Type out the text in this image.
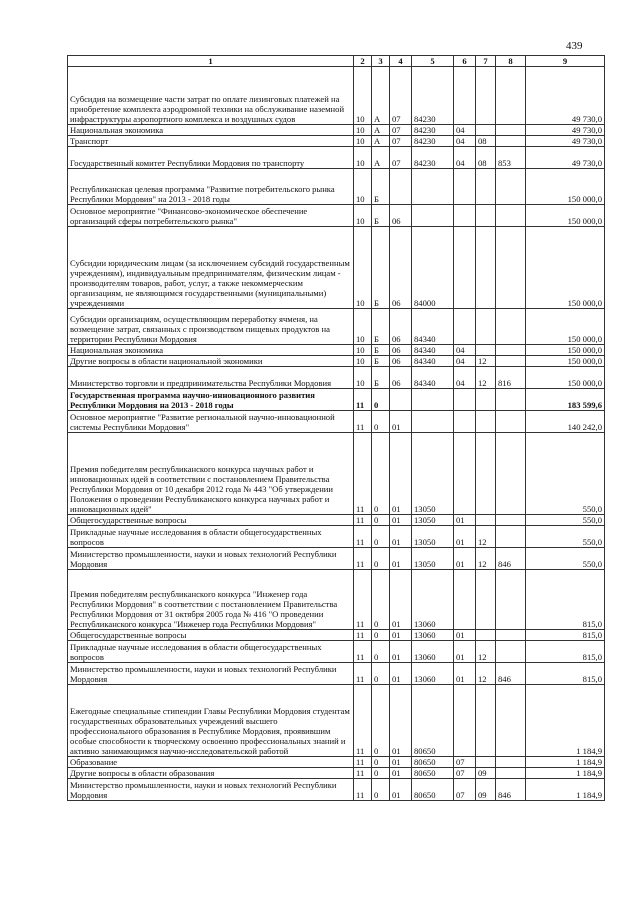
439
1	2	3	4	5	6	7	8	9
Субсидия на возмещение части затрат по оплате лизинговых платежей на приобретение комплекта аэродромной техники на обслуживание наземной инфраструктуры аэропортного комплекса и воздушных судов	10	А	07	84230				49 730,0
Национальная экономика	10	А	07	84230	04			49 730,0
Транспорт	10	А	07	84230	04	08		49 730,0
Государственный комитет Республики Мордовия по транспорту	10	А	07	84230	04	08	853	49 730,0
Республиканская целевая программа "Развитие потребительского рынка Республики Мордовия" на 2013 - 2018 годы	10	Б						150 000,0
Основное мероприятие "Финансово-экономическое обеспечение организаций сферы потребительского рынка"	10	Б	06					150 000,0
Субсидии юридическим лицам (за исключением субсидий государственным учреждениям), индивидуальным предпринимателям, физическим лицам - производителям товаров, работ, услуг, а также некоммерческим организациям, не являющимся государственными (муниципальными) учреждениями	10	Б	06	84000				150 000,0
Субсидии организациям, осуществляющим переработку ячменя, на возмещение затрат, связанных с производством пищевых продуктов на территории Республики Мордовия	10	Б	06	84340				150 000,0
Национальная экономика	10	Б	06	84340	04			150 000,0
Другие вопросы в области национальной экономики	10	Б	06	84340	04	12		150 000,0
Министерство торговли и предпринимательства Республики Мордовия	10	Б	06	84340	04	12	816	150 000,0
Государственная программа научно-инновационного развития Республики Мордовия на 2013 - 2018 годы	11	0						183 599,6
Основное мероприятие "Развитие региональной научно-инновационной системы Республики Мордовия"	11	0	01					140 242,0
Премия победителям республиканского конкурса научных работ и инновационных идей в соответствии с постановлением Правительства Республики Мордовия от 10 декабря 2012 года № 443 "Об утверждении Положения о проведении Республиканского конкурса научных работ и инновационных идей"	11	0	01	13050				550,0
Общегосударственные вопросы	11	0	01	13050	01			550,0
Прикладные научные исследования в области общегосударственных вопросов	11	0	01	13050	01	12		550,0
Министерство промышленности, науки и новых технологий Республики Мордовия	11	0	01	13050	01	12	846	550,0
Премия победителям республиканского конкурса "Инженер года Республики Мордовия" в соответствии с постановлением Правительства Республики Мордовия от 31 октября 2005 года № 416 "О проведении Республиканского конкурса "Инженер года Республики Мордовия"	11	0	01	13060				815,0
Общегосударственные вопросы	11	0	01	13060	01			815,0
Прикладные научные исследования в области общегосударственных вопросов	11	0	01	13060	01	12		815,0
Министерство промышленности, науки и новых технологий Республики Мордовия	11	0	01	13060	01	12	846	815,0
Ежегодные специальные стипендии Главы Республики Мордовия студентам государственных образовательных учреждений высшего профессионального образования в Республике Мордовия, проявившим особые способности к творческому освоению профессиональных знаний и активно занимающимся научно-исследовательской работой	11	0	01	80650				1 184,9
Образование	11	0	01	80650	07			1 184,9
Другие вопросы в области образования	11	0	01	80650	07	09		1 184,9
Министерство промышленности, науки и новых технологий Республики Мордовия	11	0	01	80650	07	09	846	1 184,9
